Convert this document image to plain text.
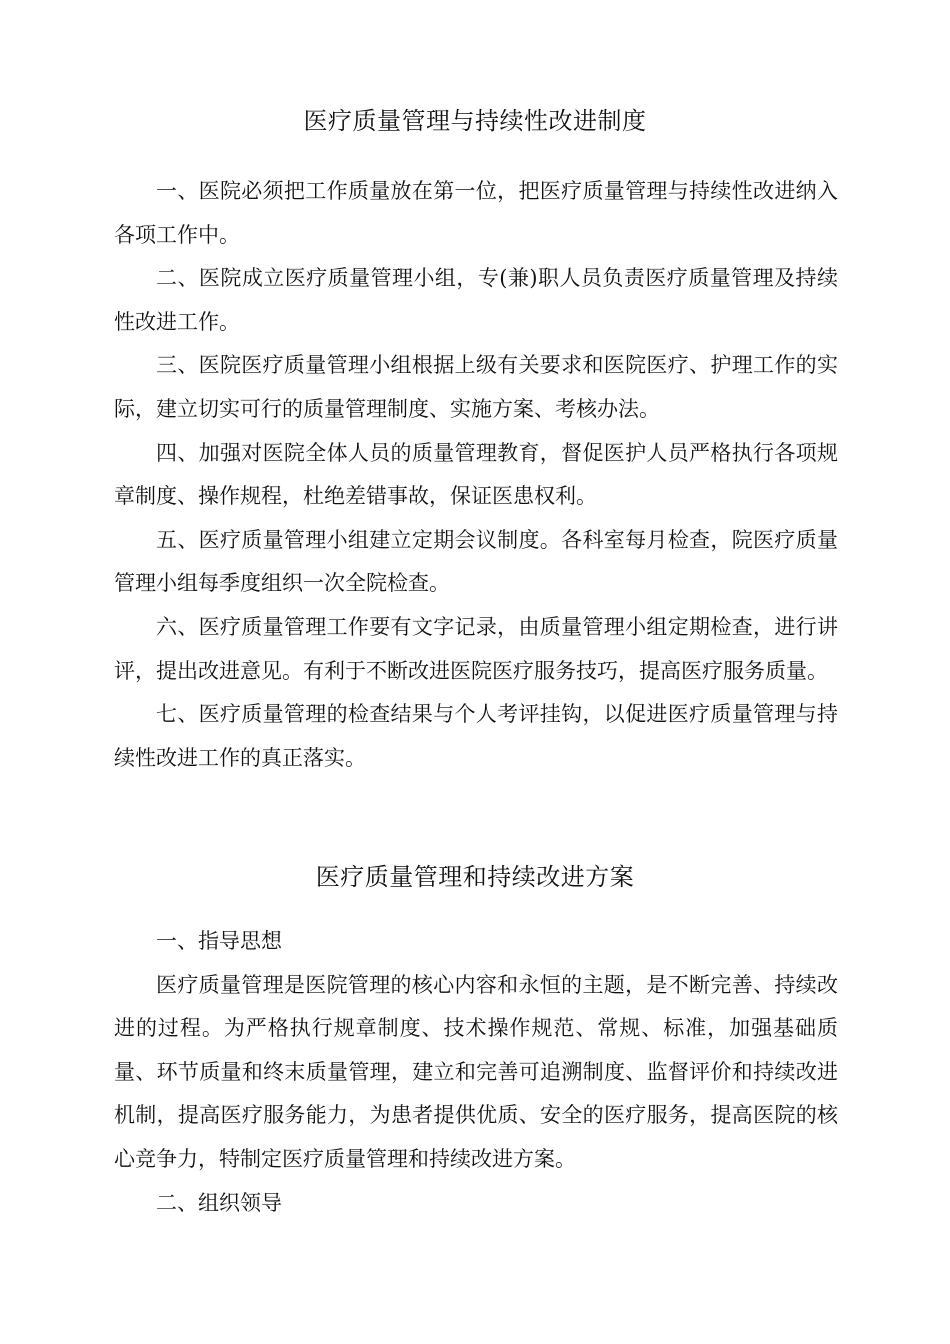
医疗质量管理与持续性改进制度

一、医院必须把工作质量放在第一位，把医疗质量管理与持续性改进纳入各项工作中。

二、医院成立医疗质量管理小组，专(兼)职人员负责医疗质量管理及持续性改进工作。

三、医院医疗质量管理小组根据上级有关要求和医院医疗、护理工作的实际，建立切实可行的质量管理制度、实施方案、考核办法。

四、加强对医院全体人员的质量管理教育，督促医护人员严格执行各项规章制度、操作规程，杜绝差错事故，保证医患权利。

五、医疗质量管理小组建立定期会议制度。各科室每月检查，院医疗质量管理小组每季度组织一次全院检查。

六、医疗质量管理工作要有文字记录，由质量管理小组定期检查，进行讲评，提出改进意见。有利于不断改进医院医疗服务技巧，提高医疗服务质量。

七、医疗质量管理的检查结果与个人考评挂钩，以促进医疗质量管理与持续性改进工作的真正落实。

医疗质量管理和持续改进方案

一、指导思想

医疗质量管理是医院管理的核心内容和永恒的主题，是不断完善、持续改进的过程。为严格执行规章制度、技术操作规范、常规、标准，加强基础质量、环节质量和终末质量管理，建立和完善可追溯制度、监督评价和持续改进机制，提高医疗服务能力，为患者提供优质、安全的医疗服务，提高医院的核心竞争力，特制定医疗质量管理和持续改进方案。

二、组织领导
